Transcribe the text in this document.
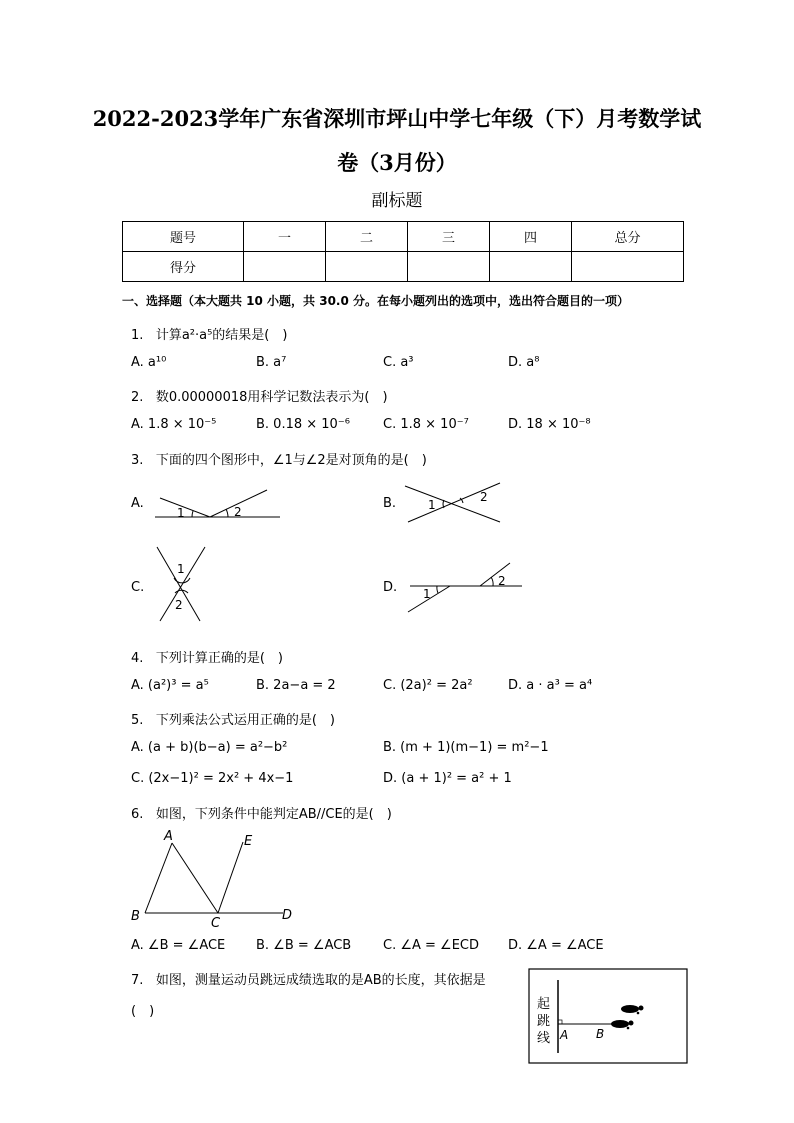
2022-2023学年广东省深圳市坪山中学七年级（下）月考数学试
卷（3月份）
副标题
题号	一	二	三	四	总分
得分					
一、选择题（本大题共 10 小题，共 30.0 分。在每小题列出的选项中，选出符合题目的一项）
1. 计算a²·a⁵的结果是(　)
A. a¹⁰	B. a⁷	C. a³	D. a⁸
2. 数0.00000018用科学记数法表示为(　)
A. 1.8 × 10⁻⁵	B. 0.18 × 10⁻⁶	C. 1.8 × 10⁻⁷	D. 18 × 10⁻⁸
3. 下面的四个图形中，∠1与∠2是对顶角的是(　)
A.	B.
C.	D.
1	2	1
2
1
2
1
2
4. 下列计算正确的是(　)
A. (a²)³ = a⁵	B. 2a−a = 2	C. (2a)² = 2a²	D. a · a³ = a⁴
5. 下列乘法公式运用正确的是(　)
A. (a + b)(b−a) = a²−b²	B. (m + 1)(m−1) = m²−1
C. (2x−1)² = 2x² + 4x−1	D. (a + 1)² = a² + 1
6. 如图，下列条件中能判定AB//CE的是(　)
A
B	C
D
E
A. ∠B = ∠ACE B. ∠B = ∠ACB C. ∠A = ∠ECD D. ∠A = ∠ACE
7. 如图，测量运动员跳远成绩选取的是AB的长度，其依据是
(　)	起
跳
线 A B
